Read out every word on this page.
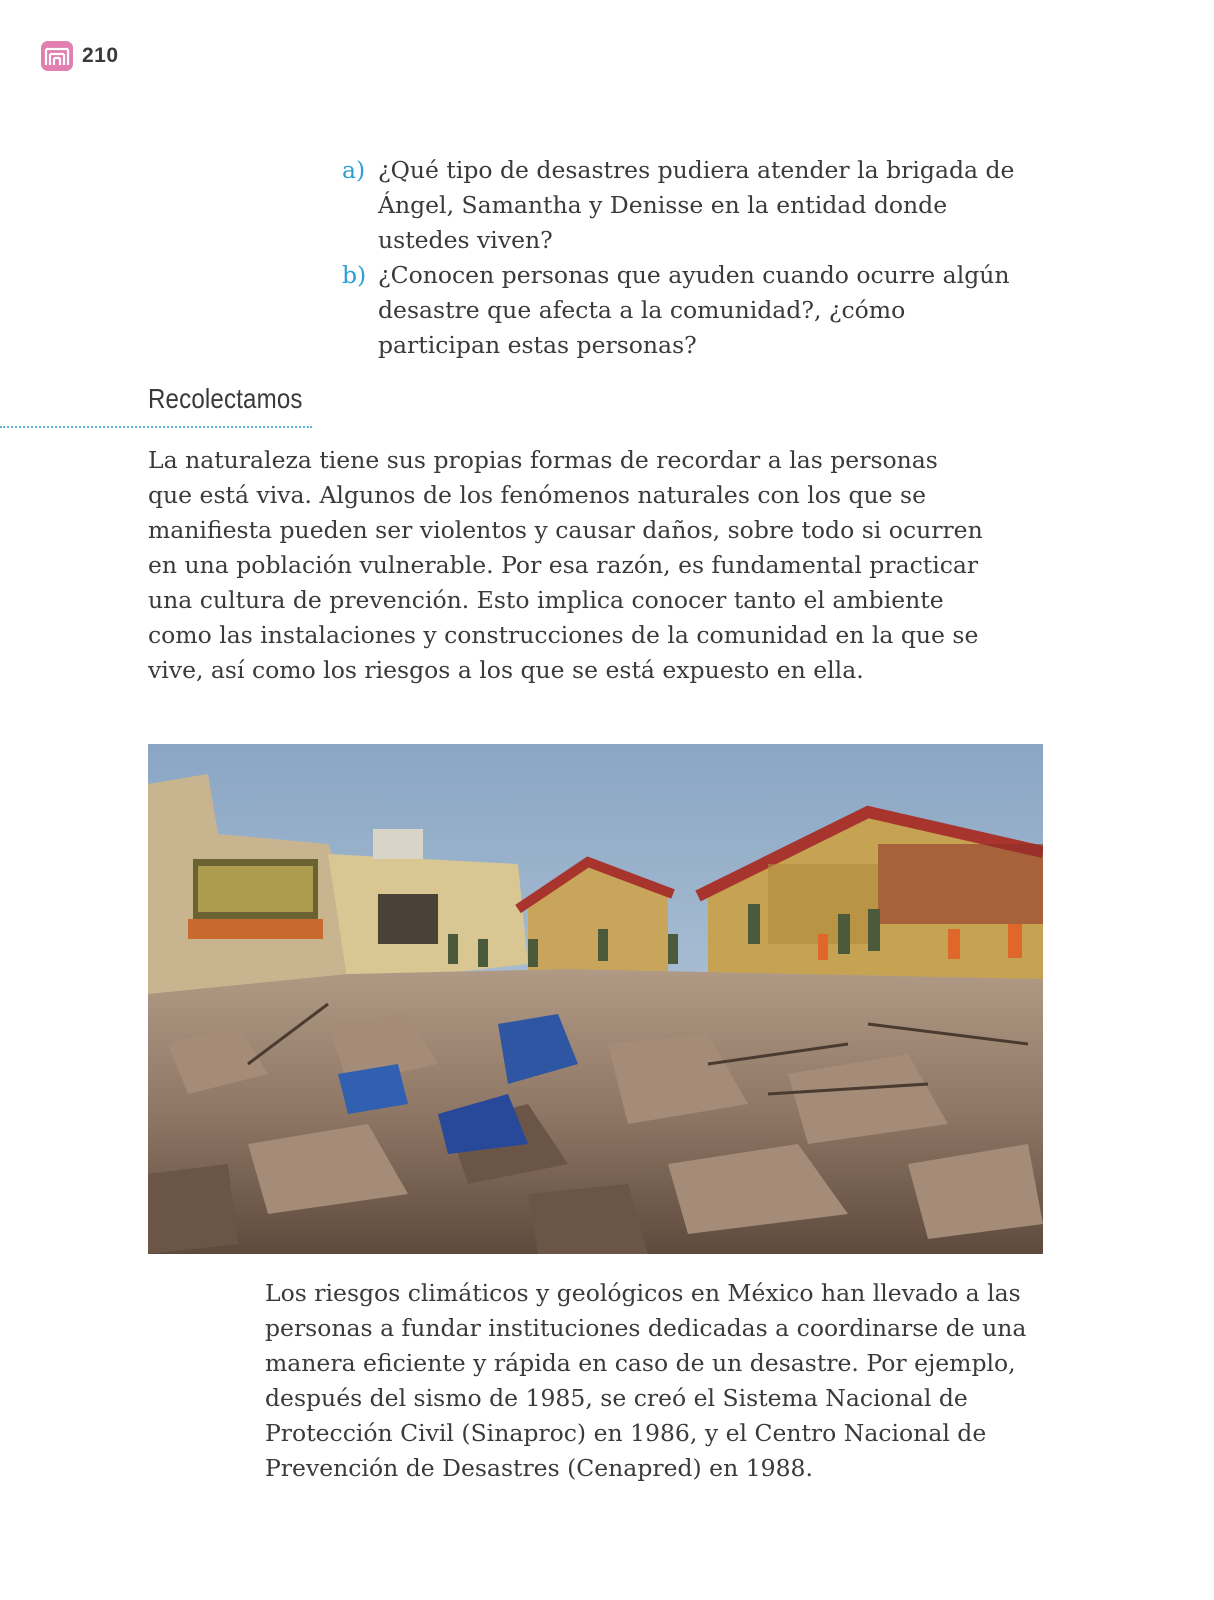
210
a) ¿Qué tipo de desastres pudiera atender la brigada de Ángel, Samantha y Denisse en la entidad donde ustedes viven?
b) ¿Conocen personas que ayuden cuando ocurre algún desastre que afecta a la comunidad?, ¿cómo participan estas personas?
Recolectamos

La naturaleza tiene sus propias formas de recordar a las personas que está viva. Algunos de los fenómenos naturales con los que se manifiesta pueden ser violentos y causar daños, sobre todo si ocurren en una población vulnerable. Por esa razón, es fundamental practicar una cultura de prevención. Esto implica conocer tanto el ambiente como las instalaciones y construcciones de la comunidad en la que se vive, así como los riesgos a los que se está expuesto en ella.

Los riesgos climáticos y geológicos en México han llevado a las personas a fundar instituciones dedicadas a coordinarse de una manera eficiente y rápida en caso de un desastre. Por ejemplo, después del sismo de 1985, se creó el Sistema Nacional de Protección Civil (Sinaproc) en 1986, y el Centro Nacional de Prevención de Desastres (Cenapred) en 1988.
